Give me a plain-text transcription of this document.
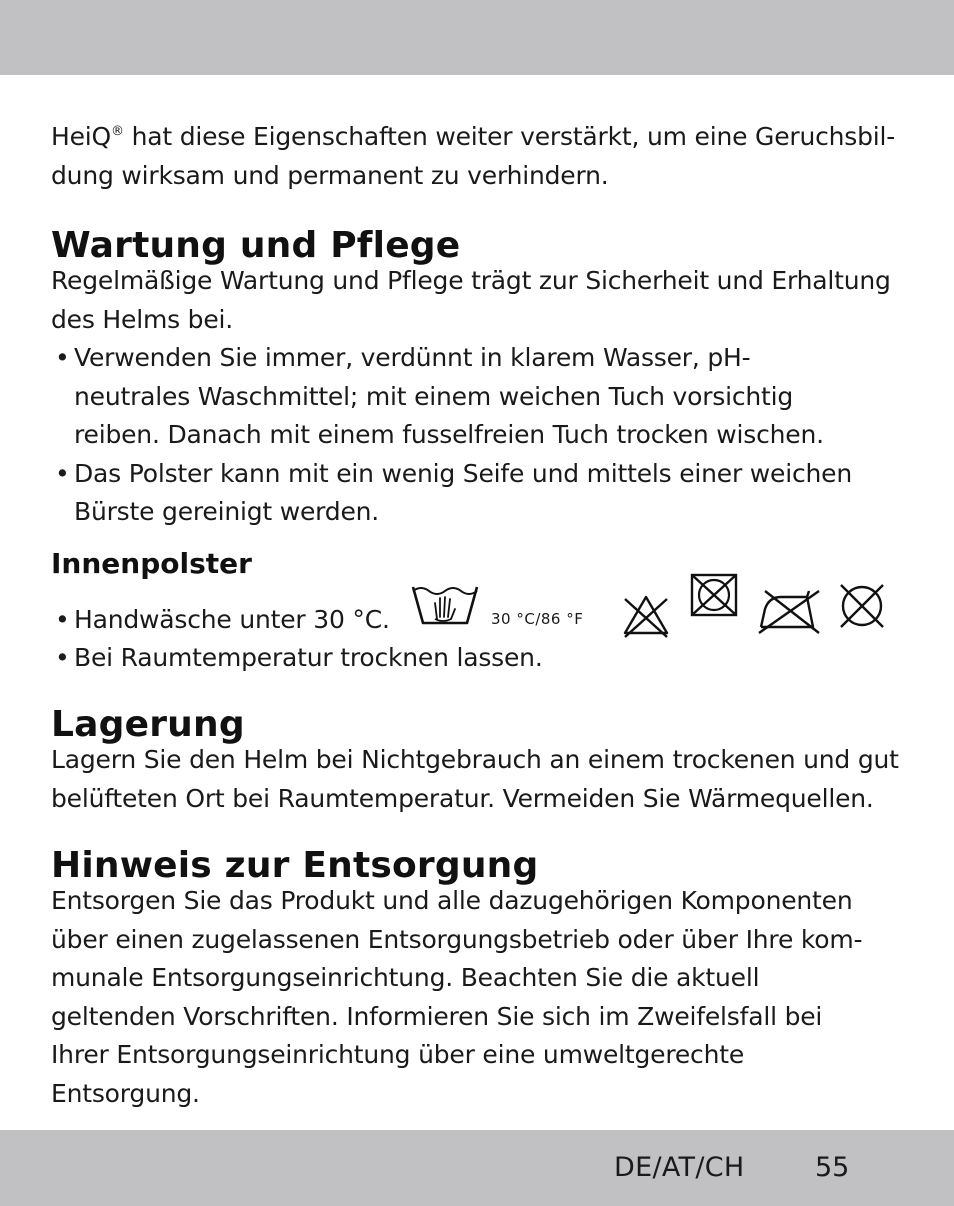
HeiQ® hat diese Eigenschaften weiter verstärkt, um eine Geruchsbil-

dung wirksam und permanent zu verhindern.

Wartung und Pflege

Regelmäßige Wartung und Pflege trägt zur Sicherheit und Erhaltung des Helms bei.

• Verwenden Sie immer, verdünnt in klarem Wasser, pH-neutrales Waschmittel; mit einem weichen Tuch vorsichtig reiben. Danach mit einem fusselfreien Tuch trocken wischen.
• Das Polster kann mit ein wenig Seife und mittels einer weichen Bürste gereinigt werden.
Innenpolster
• Handwäsche unter 30 °C.	30 °C/86 °F
• Bei Raumtemperatur trocknen lassen.
Lagerung

Lagern Sie den Helm bei Nichtgebrauch an einem trockenen und gut belüfteten Ort bei Raumtemperatur. Vermeiden Sie Wärmequellen.

Hinweis zur Entsorgung

Entsorgen Sie das Produkt und alle dazugehörigen Komponenten über einen zugelassenen Entsorgungsbetrieb oder über Ihre kom-munale Entsorgungseinrichtung. Beachten Sie die aktuell geltenden Vorschriften. Informieren Sie sich im Zweifelsfall bei Ihrer Entsorgungseinrichtung über eine umweltgerechte Entsorgung.

DE/AT/CH	55
